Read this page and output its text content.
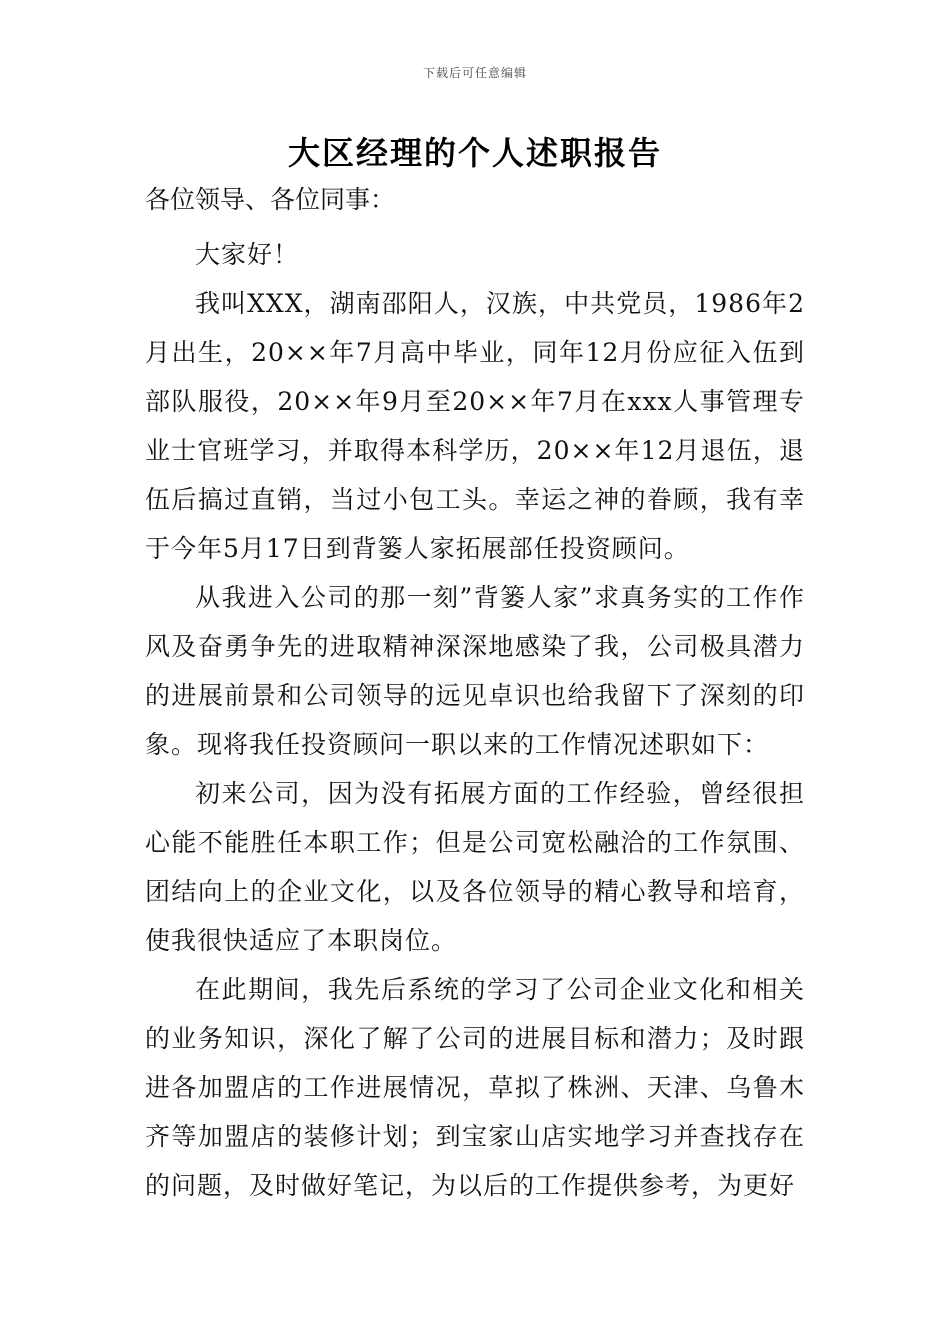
下载后可任意编辑
大区经理的个人述职报告
各位领导、各位同事：

大家好！

我叫XXX，湖南邵阳人，汉族，中共党员，1986年2月出生，20××年7月高中毕业，同年12月份应征入伍到部队服役，20××年9月至20××年7月在xxx人事管理专业士官班学习，并取得本科学历，20××年12月退伍，退伍后搞过直销，当过小包工头。幸运之神的眷顾，我有幸于今年5月17日到背篓人家拓展部任投资顾问。

从我进入公司的那一刻”背篓人家”求真务实的工作作风及奋勇争先的进取精神深深地感染了我，公司极具潜力的进展前景和公司领导的远见卓识也给我留下了深刻的印象。现将我任投资顾问一职以来的工作情况述职如下：

初来公司，因为没有拓展方面的工作经验，曾经很担心能不能胜任本职工作；但是公司宽松融洽的工作氛围、团结向上的企业文化，以及各位领导的精心教导和培育，使我很快适应了本职岗位。

在此期间，我先后系统的学习了公司企业文化和相关的业务知识，深化了解了公司的进展目标和潜力；及时跟进各加盟店的工作进展情况，草拟了株洲、天津、乌鲁木齐等加盟店的装修计划；到宝家山店实地学习并查找存在的问题，及时做好笔记，为以后的工作提供参考，为更好
